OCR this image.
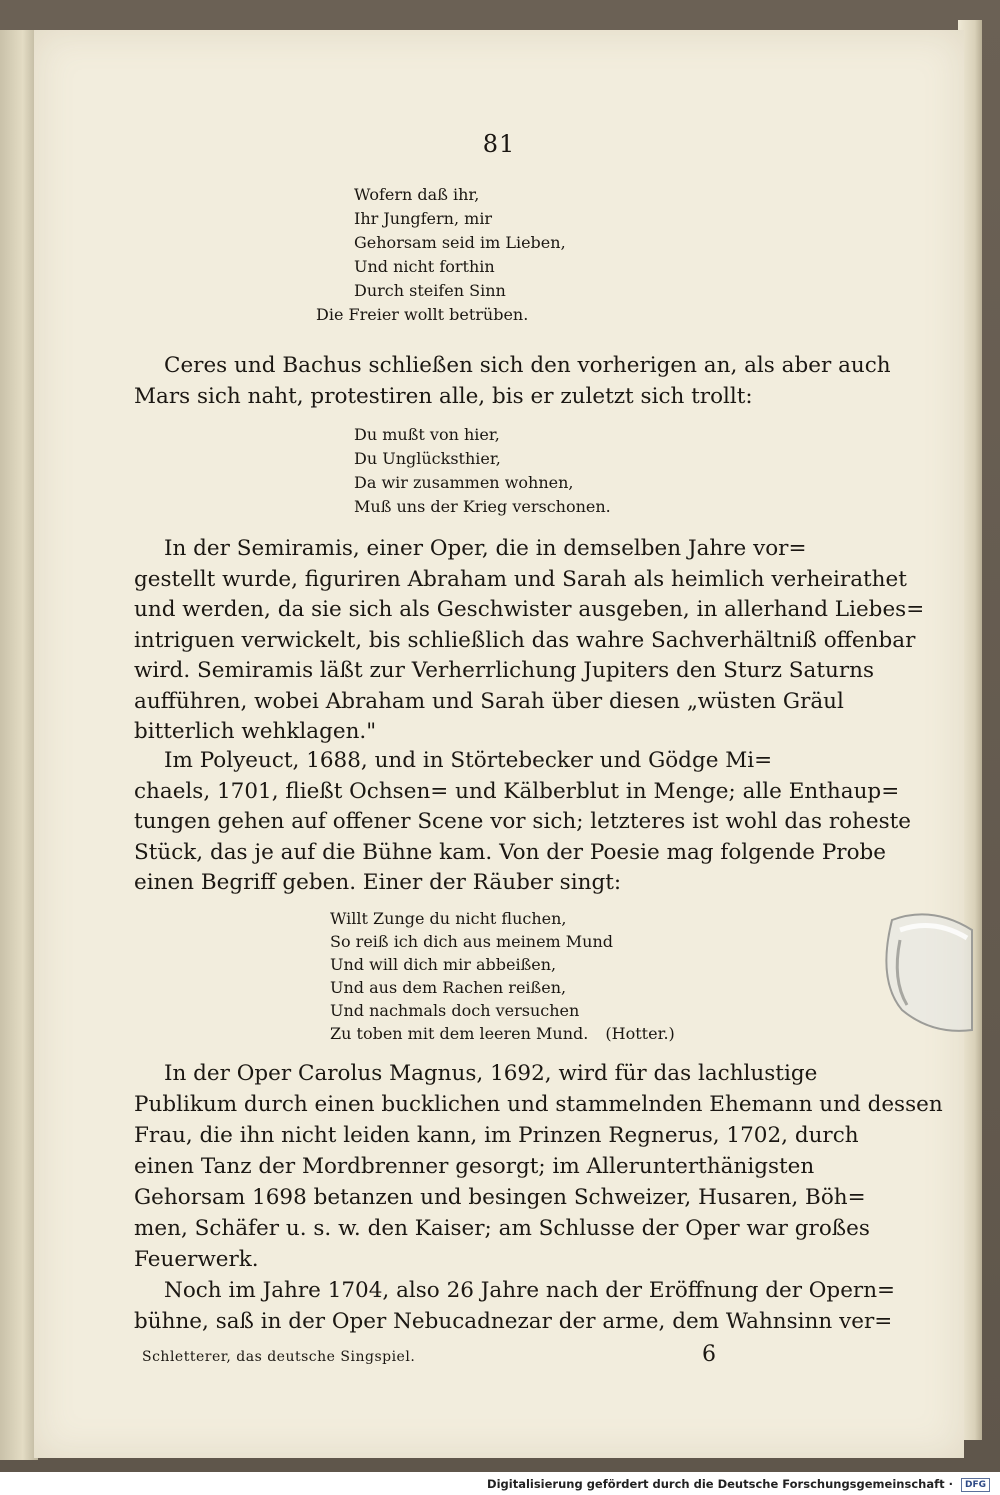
81
Wofern daß ihr,
Ihr Jungfern, mir
Gehorsam seid im Lieben,
Und nicht forthin
Durch steifen Sinn
Die Freier wollt betrüben.
Ceres und Bachus schließen sich den vorherigen an, als aber auch
Mars sich naht, protestiren alle, bis er zuletzt sich trollt:
Du mußt von hier,
Du Unglücksthier,
Da wir zusammen wohnen,
Muß uns der Krieg verschonen.
In der Semiramis, einer Oper, die in demselben Jahre vor=
gestellt wurde, figuriren Abraham und Sarah als heimlich verheirathet
und werden, da sie sich als Geschwister ausgeben, in allerhand Liebes=
intriguen verwickelt, bis schließlich das wahre Sachverhältniß offenbar
wird. Semiramis läßt zur Verherrlichung Jupiters den Sturz Saturns
aufführen, wobei Abraham und Sarah über diesen „wüsten Gräul
bitterlich wehklagen."
Im Polyeuct, 1688, und in Störtebecker und Gödge Mi=
chaels, 1701, fließt Ochsen= und Kälberblut in Menge; alle Enthaup=
tungen gehen auf offener Scene vor sich; letzteres ist wohl das roheste
Stück, das je auf die Bühne kam. Von der Poesie mag folgende Probe
einen Begriff geben. Einer der Räuber singt:
Willt Zunge du nicht fluchen,
So reiß ich dich aus meinem Mund
Und will dich mir abbeißen,
Und aus dem Rachen reißen,
Und nachmals doch versuchen
Zu toben mit dem leeren Mund. (Hotter.)
In der Oper Carolus Magnus, 1692, wird für das lachlustige
Publikum durch einen bucklichen und stammelnden Ehemann und dessen
Frau, die ihn nicht leiden kann, im Prinzen Regnerus, 1702, durch
einen Tanz der Mordbrenner gesorgt; im Allerunterthänigsten
Gehorsam 1698 betanzen und besingen Schweizer, Husaren, Böh=
men, Schäfer u. s. w. den Kaiser; am Schlusse der Oper war großes
Feuerwerk.
Noch im Jahre 1704, also 26 Jahre nach der Eröffnung der Opern=
bühne, saß in der Oper Nebucadnezar der arme, dem Wahnsinn ver=
Schletterer, das deutsche Singspiel.	6
Digitalisierung gefördert durch die Deutsche Forschungsgemeinschaft · DFG
